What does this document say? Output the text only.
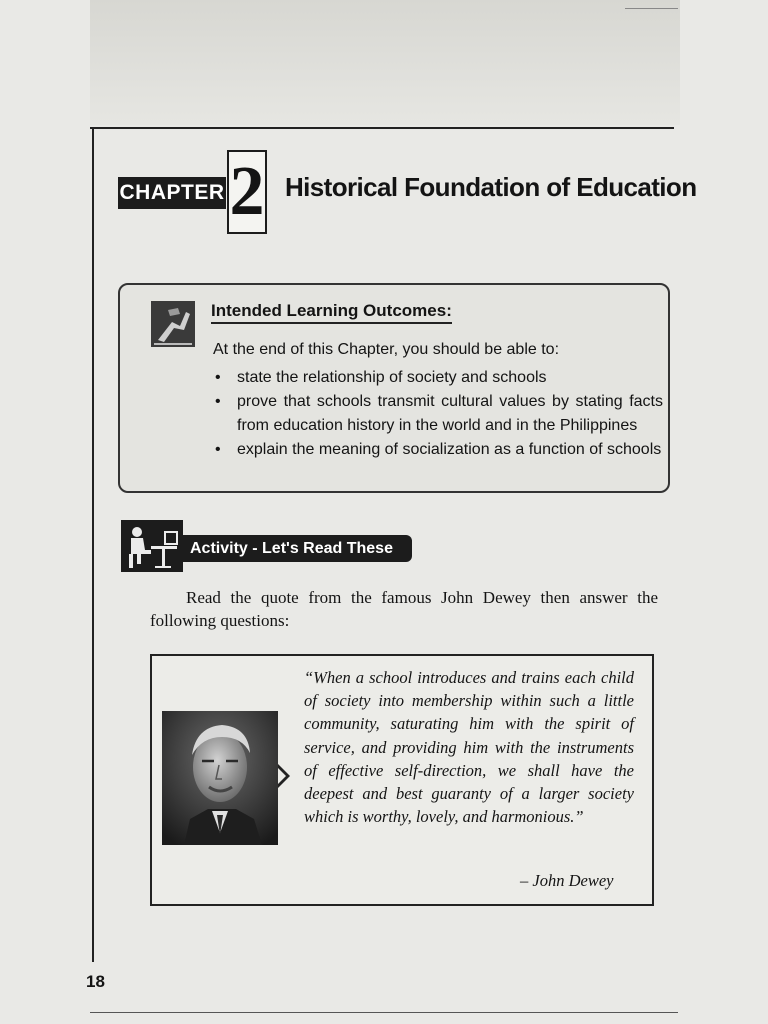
CHAPTER 2 Historical Foundation of Education
Intended Learning Outcomes:
At the end of this Chapter, you should be able to:
• state the relationship of society and schools
• prove that schools transmit cultural values by stating facts from education history in the world and in the Philippines
• explain the meaning of socialization as a function of schools
Activity - Let's Read These
Read the quote from the famous John Dewey then answer the following questions:
“When a school introduces and trains each child of society into membership within such a little community, saturating him with the spirit of service, and providing him with the instruments of effective self-direction, we shall have the deepest and best guaranty of a larger society which is worthy, lovely, and harmonious.”
– John Dewey
18
